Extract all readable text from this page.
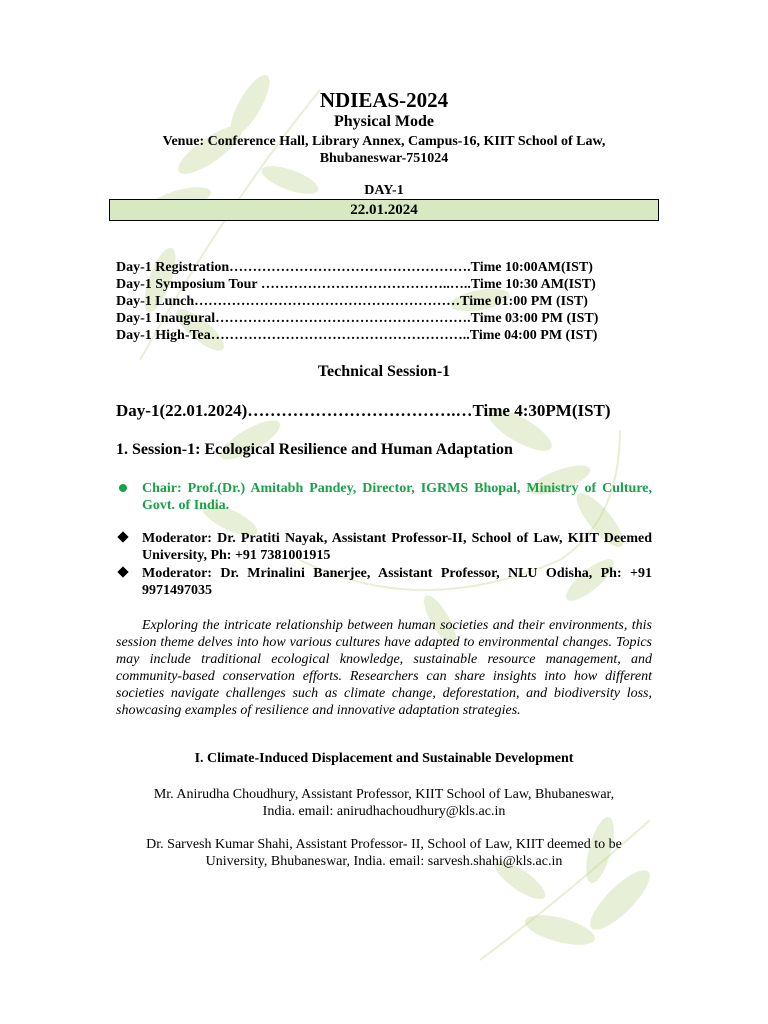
NDIEAS-2024
Physical Mode
Venue: Conference Hall, Library Annex, Campus-16, KIIT School of Law,
Bhubaneswar-751024
DAY-1
22.01.2024
Day-1 Registration…………………………………………….Time 10:00AM(IST)
Day-1 Symposium Tour …………………………………..…..Time 10:30 AM(IST)
Day-1 Lunch…………………………………………………Time 01:00 PM (IST)
Day-1 Inaugural……………………………………………….Time 03:00 PM (IST)
Day-1 High-Tea………………………………………………..Time 04:00 PM (IST)
Technical Session-1
Day-1(22.01.2024)……………………………….…Time 4:30PM(IST)
1. Session-1: Ecological Resilience and Human Adaptation
Chair: Prof.(Dr.) Amitabh Pandey, Director, IGRMS Bhopal, Ministry of Culture, Govt. of India.
Moderator: Dr. Pratiti Nayak, Assistant Professor-II, School of Law, KIIT Deemed University, Ph: +91 7381001915
Moderator: Dr. Mrinalini Banerjee, Assistant Professor, NLU Odisha, Ph: +91 9971497035
Exploring the intricate relationship between human societies and their environments, this session theme delves into how various cultures have adapted to environmental changes. Topics may include traditional ecological knowledge, sustainable resource management, and community-based conservation efforts. Researchers can share insights into how different societies navigate challenges such as climate change, deforestation, and biodiversity loss, showcasing examples of resilience and innovative adaptation strategies.
I. Climate-Induced Displacement and Sustainable Development
Mr. Anirudha Choudhury, Assistant Professor, KIIT School of Law, Bhubaneswar,
India. email: anirudhachoudhury@kls.ac.in
Dr. Sarvesh Kumar Shahi, Assistant Professor- II, School of Law, KIIT deemed to be
University, Bhubaneswar, India. email: sarvesh.shahi@kls.ac.in
